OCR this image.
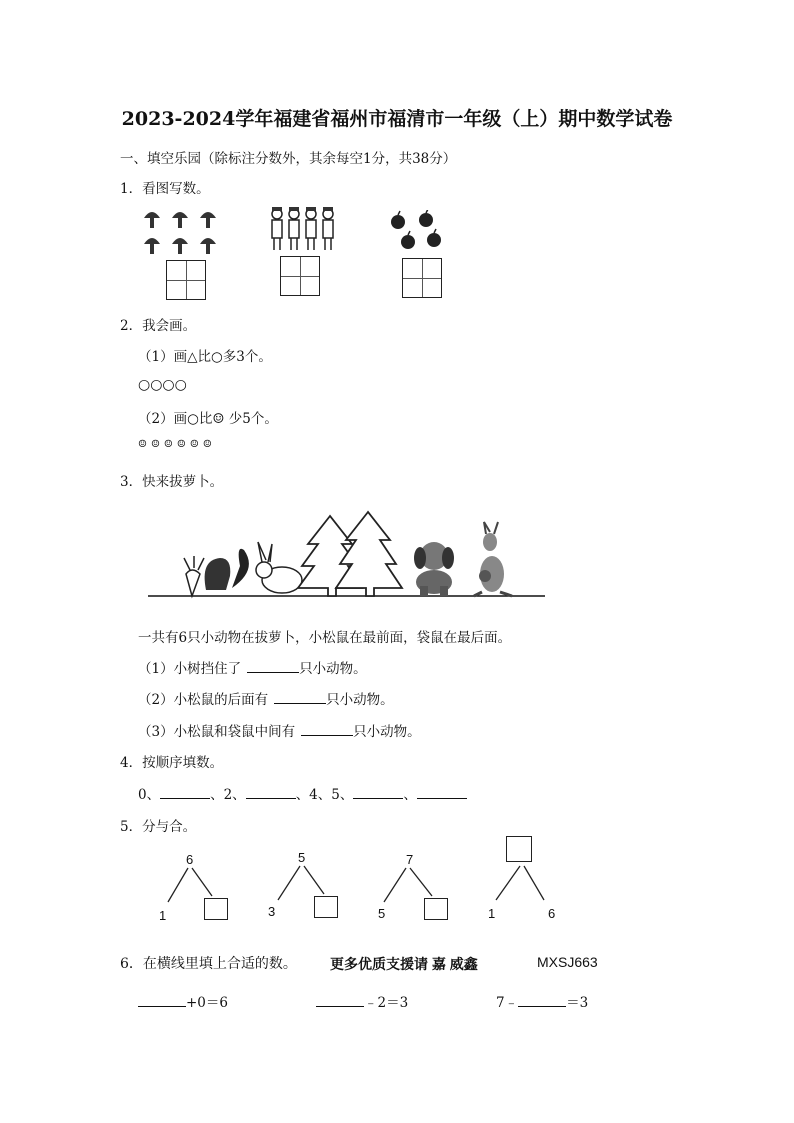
2023-2024学年福建省福州市福清市一年级（上）期中数学试卷
一、填空乐园（除标注分数外，其余每空1分，共38分）
1．看图写数。
2．我会画。
（1）画△比○多3个。
○○○○
（2）画○比☺ 少5个。
☺☺☺☺☺☺
3．快来拔萝卜。
一共有6只小动物在拔萝卜，小松鼠在最前面，袋鼠在最后面。
（1）小树挡住了	只小动物。
（2）小松鼠的后面有	只小动物。
（3）小松鼠和袋鼠中间有	只小动物。
4．按顺序填数。
0、	、2、	、4、5、	、
5．分与合。
6
1
5
3
7
5	1	6
6．在横线里填上合适的数。 更多优质支援请 嘉 威鑫	MXSJ663
+0＝6	﹣2＝3	7﹣	＝3
